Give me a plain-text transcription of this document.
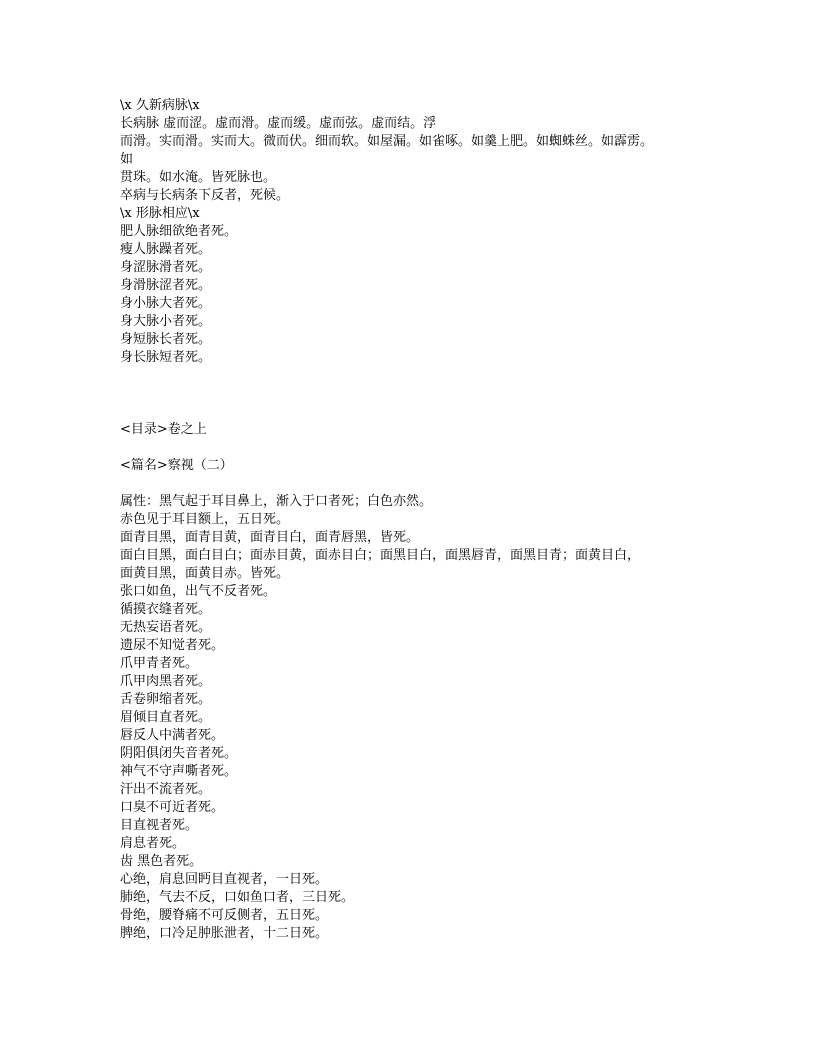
\x 久新病脉\x
长病脉 虚而涩。虚而滑。虚而缓。虚而弦。虚而结。浮
而滑。实而滑。实而大。微而伏。细而软。如屋漏。如雀啄。如羹上肥。如蜘蛛丝。如霹雳。
如
贯珠。如水淹。皆死脉也。
卒病与长病条下反者，死候。
\x 形脉相应\x
肥人脉细欲绝者死。
瘦人脉躁者死。
身涩脉滑者死。
身滑脉涩者死。
身小脉大者死。
身大脉小者死。
身短脉长者死。
身长脉短者死。
<目录>卷之上
<篇名>察视（二）
属性：黑气起于耳目鼻上，渐入于口者死；白色亦然。
赤色见于耳目额上，五日死。
面青目黑，面青目黄，面青目白，面青唇黑，皆死。
面白目黑，面白目白；面赤目黄，面赤目白；面黑目白，面黑唇青，面黑目青；面黄目白，
面黄目黑，面黄目赤。皆死。
张口如鱼，出气不反者死。
循摸衣缝者死。
无热妄语者死。
遗尿不知觉者死。
爪甲青者死。
爪甲肉黑者死。
舌卷卵缩者死。
眉倾目直者死。
唇反人中满者死。
阴阳俱闭失音者死。
神气不守声嘶者死。
汗出不流者死。
口臭不可近者死。
目直视者死。
肩息者死。
齿 黑色者死。
心绝，肩息回眄目直视者，一日死。
肺绝，气去不反，口如鱼口者，三日死。
骨绝，腰脊痛不可反侧者，五日死。
脾绝，口冷足肿胀泄者，十二日死。
